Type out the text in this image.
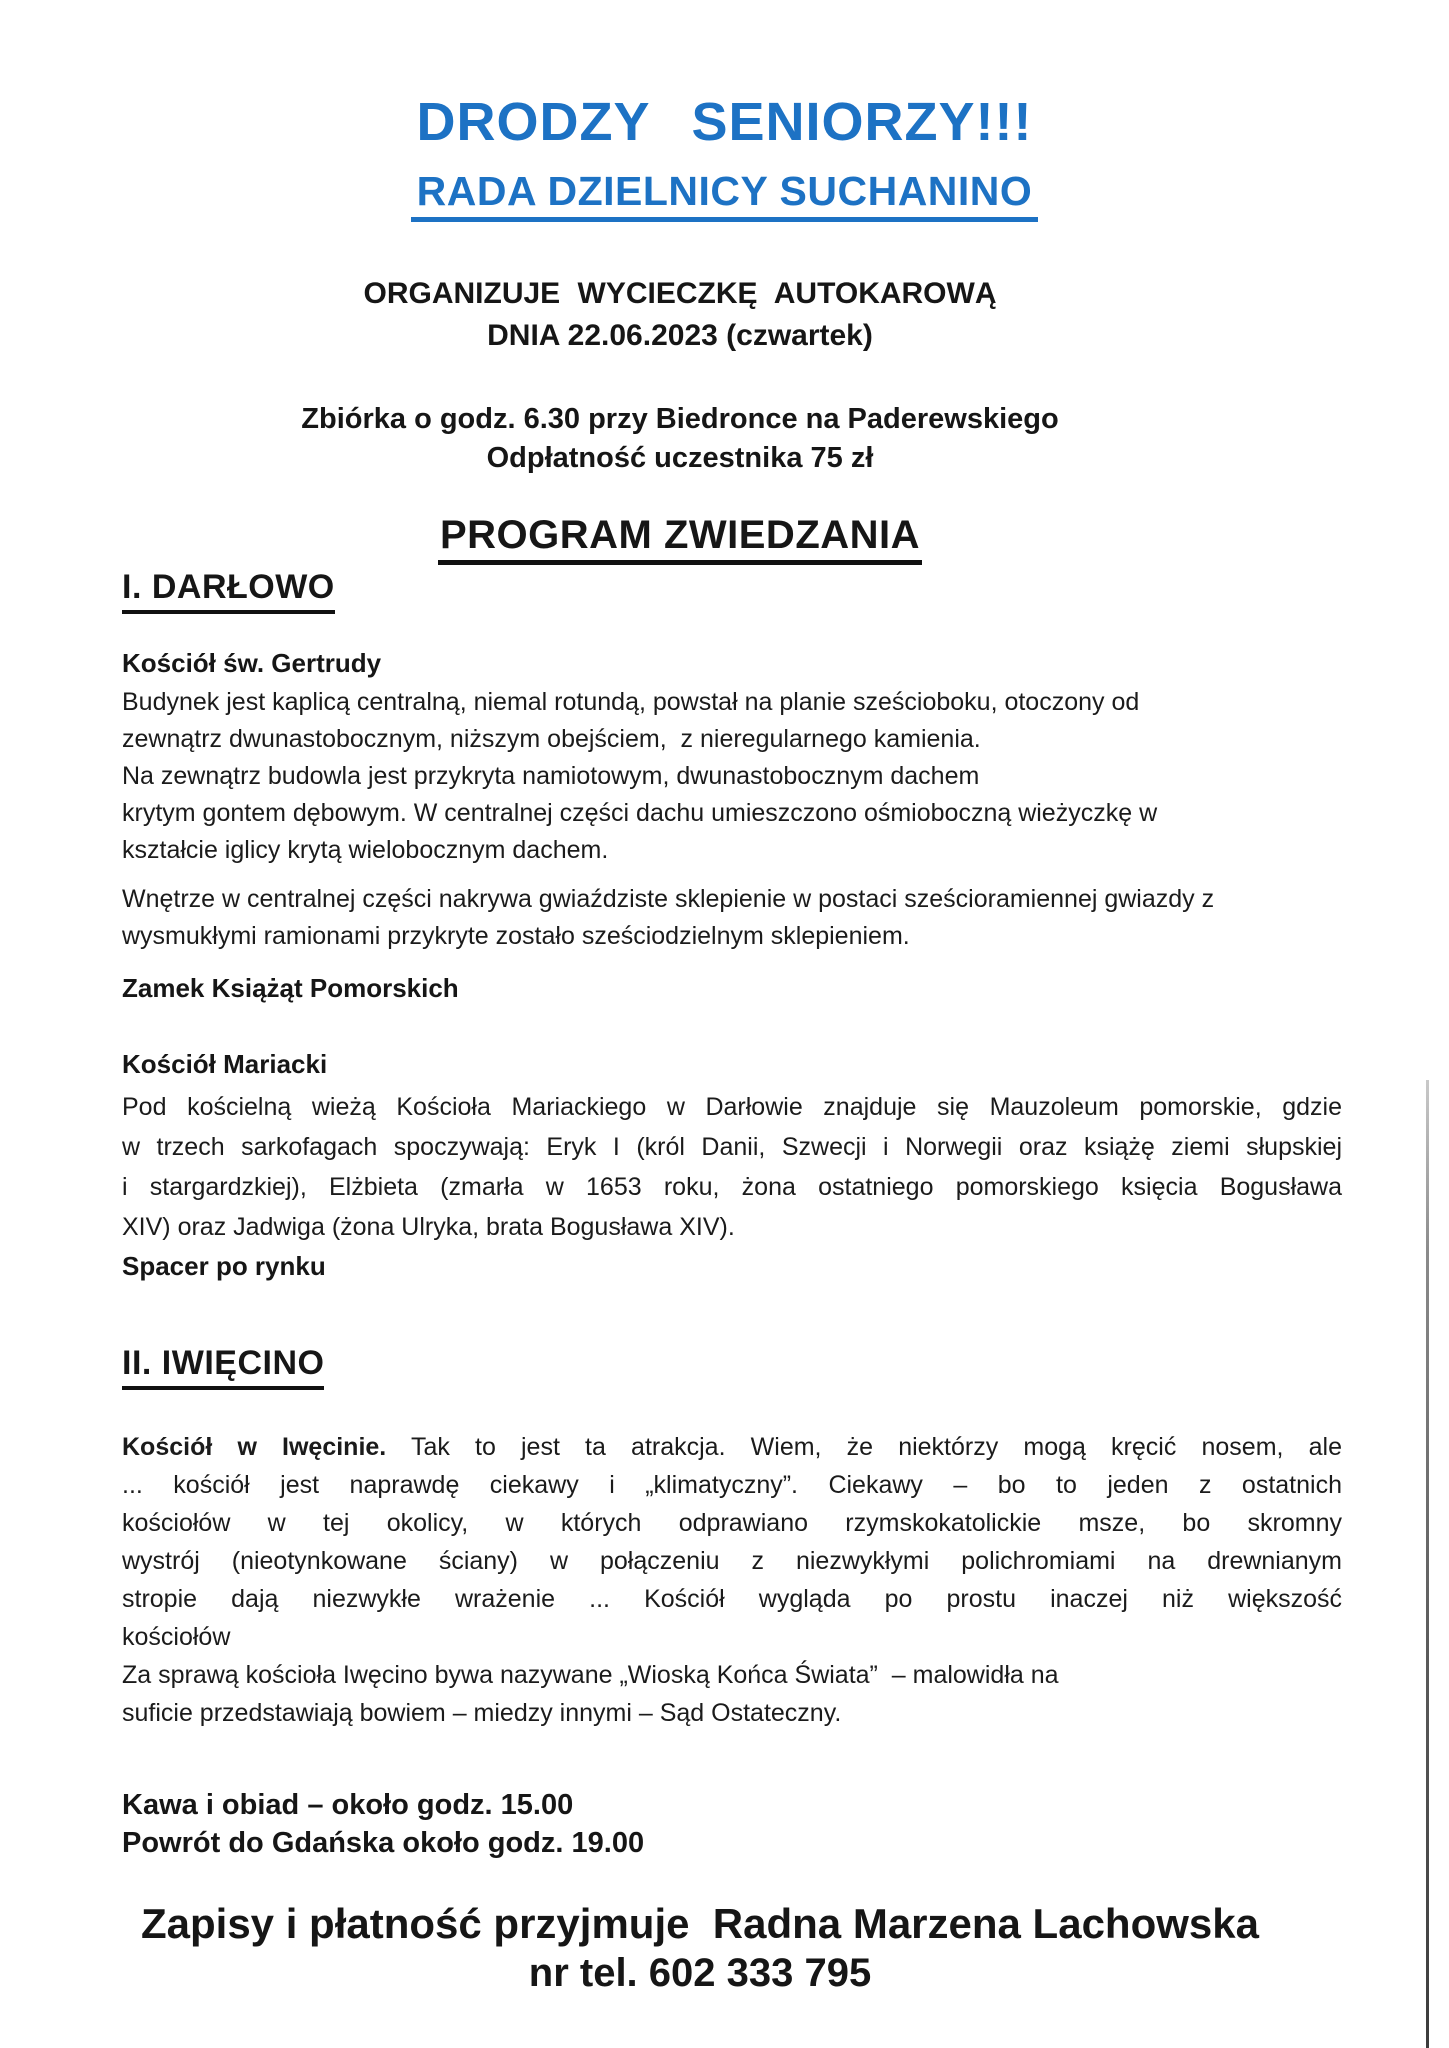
DRODZY SENIORZY!!!
RADA DZIELNICY SUCHANINO
ORGANIZUJE WYCIECZKĘ AUTOKAROWĄ
DNIA 22.06.2023 (czwartek)
Zbiórka o godz. 6.30 przy Biedronce na Paderewskiego
Odpłatność uczestnika 75 zł
PROGRAM ZWIEDZANIA
I. DARŁOWO
Kościół św. Gertrudy
Budynek jest kaplicą centralną, niemal rotundą, powstał na planie sześcioboku, otoczony od
zewnątrz dwunastobocznym, niższym obejściem,  z nieregularnego kamienia.
Na zewnątrz budowla jest przykryta namiotowym, dwunastobocznym dachem
krytym gontem dębowym. W centralnej części dachu umieszczono ośmioboczną wieżyczkę w
kształcie iglicy krytą wielobocznym dachem.
Wnętrze w centralnej części nakrywa gwiaździste sklepienie w postaci sześcioramiennej gwiazdy z
wysmukłymi ramionami przykryte zostało sześciodzielnym sklepieniem.
Zamek Książąt Pomorskich
Kościół Mariacki
Pod kościelną wieżą Kościoła Mariackiego w Darłowie znajduje się Mauzoleum pomorskie, gdzie
w trzech sarkofagach spoczywają: Eryk I (król Danii, Szwecji i Norwegii oraz książę ziemi słupskiej
i stargardzkiej), Elżbieta (zmarła w 1653 roku, żona ostatniego pomorskiego księcia Bogusława
XIV) oraz Jadwiga (żona Ulryka, brata Bogusława XIV).
Spacer po rynku
II. IWIĘCINO
Kościół w Iwęcinie. Tak to jest ta atrakcja. Wiem, że niektórzy mogą kręcić nosem, ale
... kościół jest naprawdę ciekawy i „klimatyczny”. Ciekawy – bo to jeden z ostatnich
kościołów w tej okolicy, w których odprawiano rzymskokatolickie msze, bo skromny
wystrój (nieotynkowane ściany) w połączeniu z niezwykłymi polichromiami na drewnianym
stropie dają niezwykłe wrażenie ... Kościół wygląda po prostu inaczej niż większość
kościołów
Za sprawą kościoła Iwęcino bywa nazywane „Wioską Końca Świata”  – malowidła na
suficie przedstawiają bowiem – miedzy innymi – Sąd Ostateczny.
Kawa i obiad – około godz. 15.00
Powrót do Gdańska około godz. 19.00
Zapisy i płatność przyjmuje  Radna Marzena Lachowska
nr tel. 602 333 795
